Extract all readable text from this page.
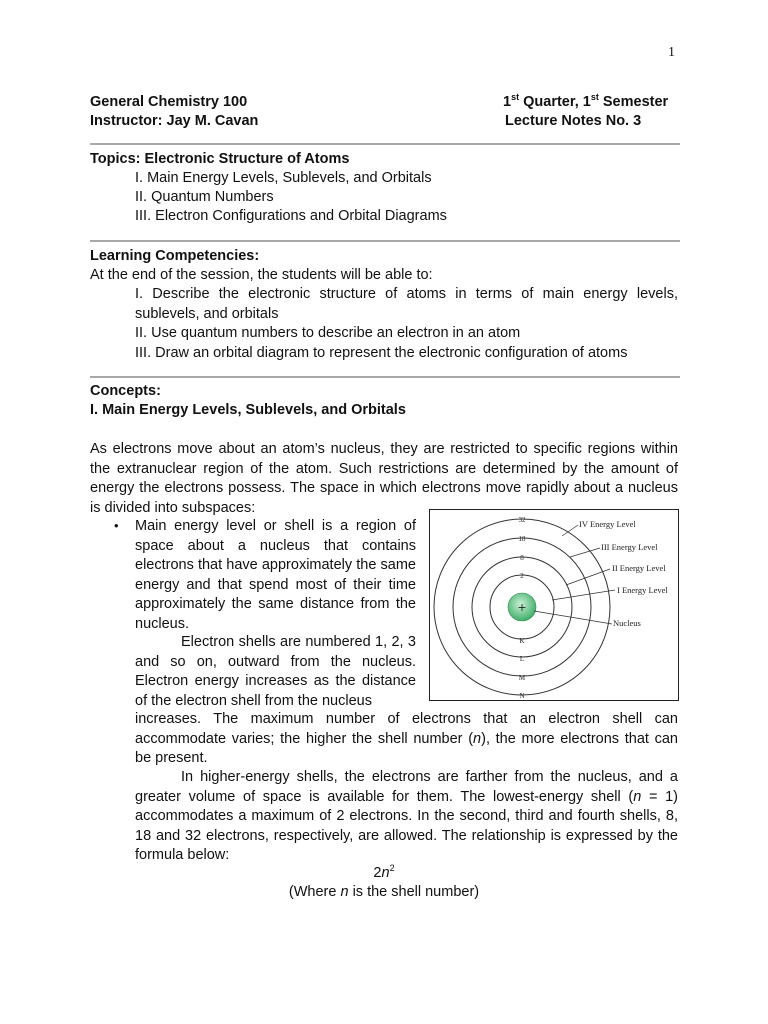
1
General Chemistry 100
Instructor: Jay M. Cavan
1st Quarter, 1st Semester
Lecture Notes No. 3
Topics: Electronic Structure of Atoms
I. Main Energy Levels, Sublevels, and Orbitals
II. Quantum Numbers
III. Electron Configurations and Orbital Diagrams
Learning Competencies:
At the end of the session, the students will be able to:
I. Describe the electronic structure of atoms in terms of main energy levels, sublevels, and orbitals
II. Use quantum numbers to describe an electron in an atom
III. Draw an orbital diagram to represent the electronic configuration of atoms
Concepts:
I. Main Energy Levels, Sublevels, and Orbitals
As electrons move about an atom’s nucleus, they are restricted to specific regions within the extranuclear region of the atom. Such restrictions are determined by the amount of energy the electrons possess. The space in which electrons move rapidly about a nucleus is divided into subspaces:
• Main energy level or shell is a region of space about a nucleus that contains electrons that have approximately the same energy and that spend most of their time approximately the same distance from the nucleus.
Electron shells are numbered 1, 2, 3 and so on, outward from the nucleus. Electron energy increases as the distance of the electron shell from the nucleus
increases. The maximum number of electrons that an electron shell can accommodate varies; the higher the shell number (n), the more electrons that can be present.
In higher-energy shells, the electrons are farther from the nucleus, and a greater volume of space is available for them. The lowest-energy shell (n = 1) accommodates a maximum of 2 electrons. In the second, third and fourth shells, 8, 18 and 32 electrons, respectively, are allowed. The relationship is expressed by the formula below:
$2n^2$
(Where n is the shell number)
+
32
18
8
2
K
L
M
N
IV Energy Level
III Energy Level
II Energy Level
I Energy Level
Nucleus
